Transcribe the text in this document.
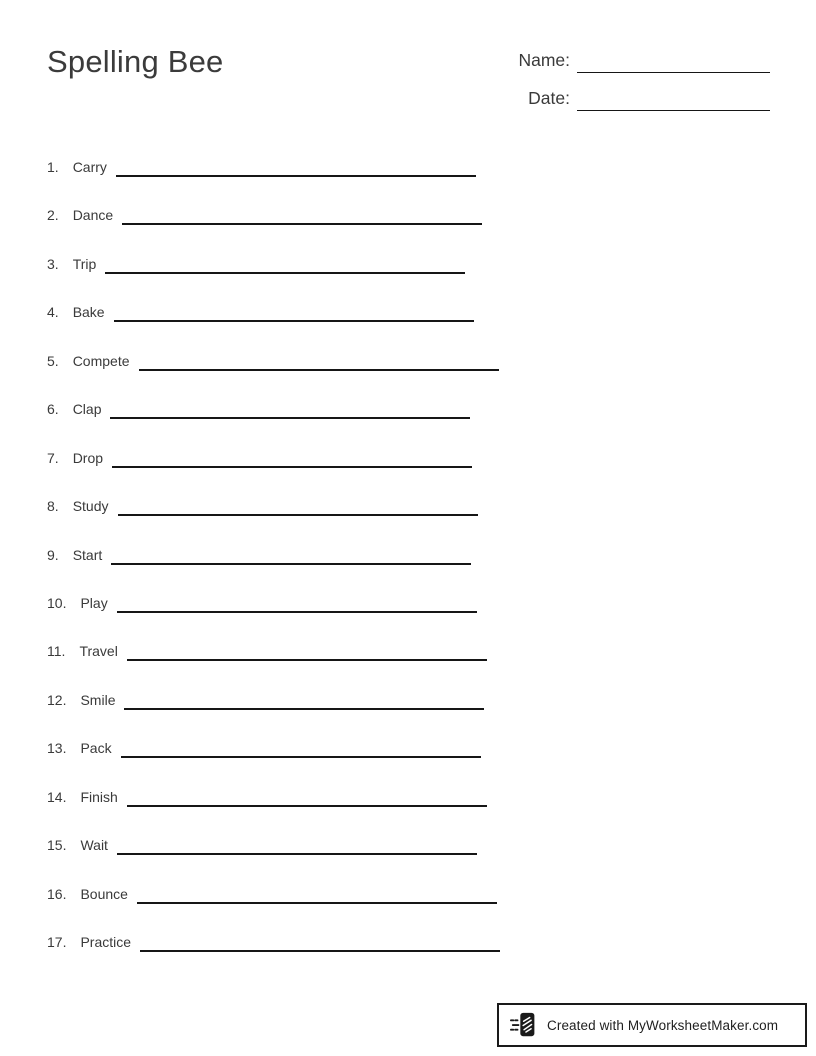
Spelling Bee	Name:
Date:
1. Carry
2. Dance
3. Trip
4. Bake
5. Compete
6. Clap
7. Drop
8. Study
9. Start
10. Play
11. Travel
12. Smile
13. Pack
14. Finish
15. Wait
16. Bounce
17. Practice
Created with MyWorksheetMaker.com
